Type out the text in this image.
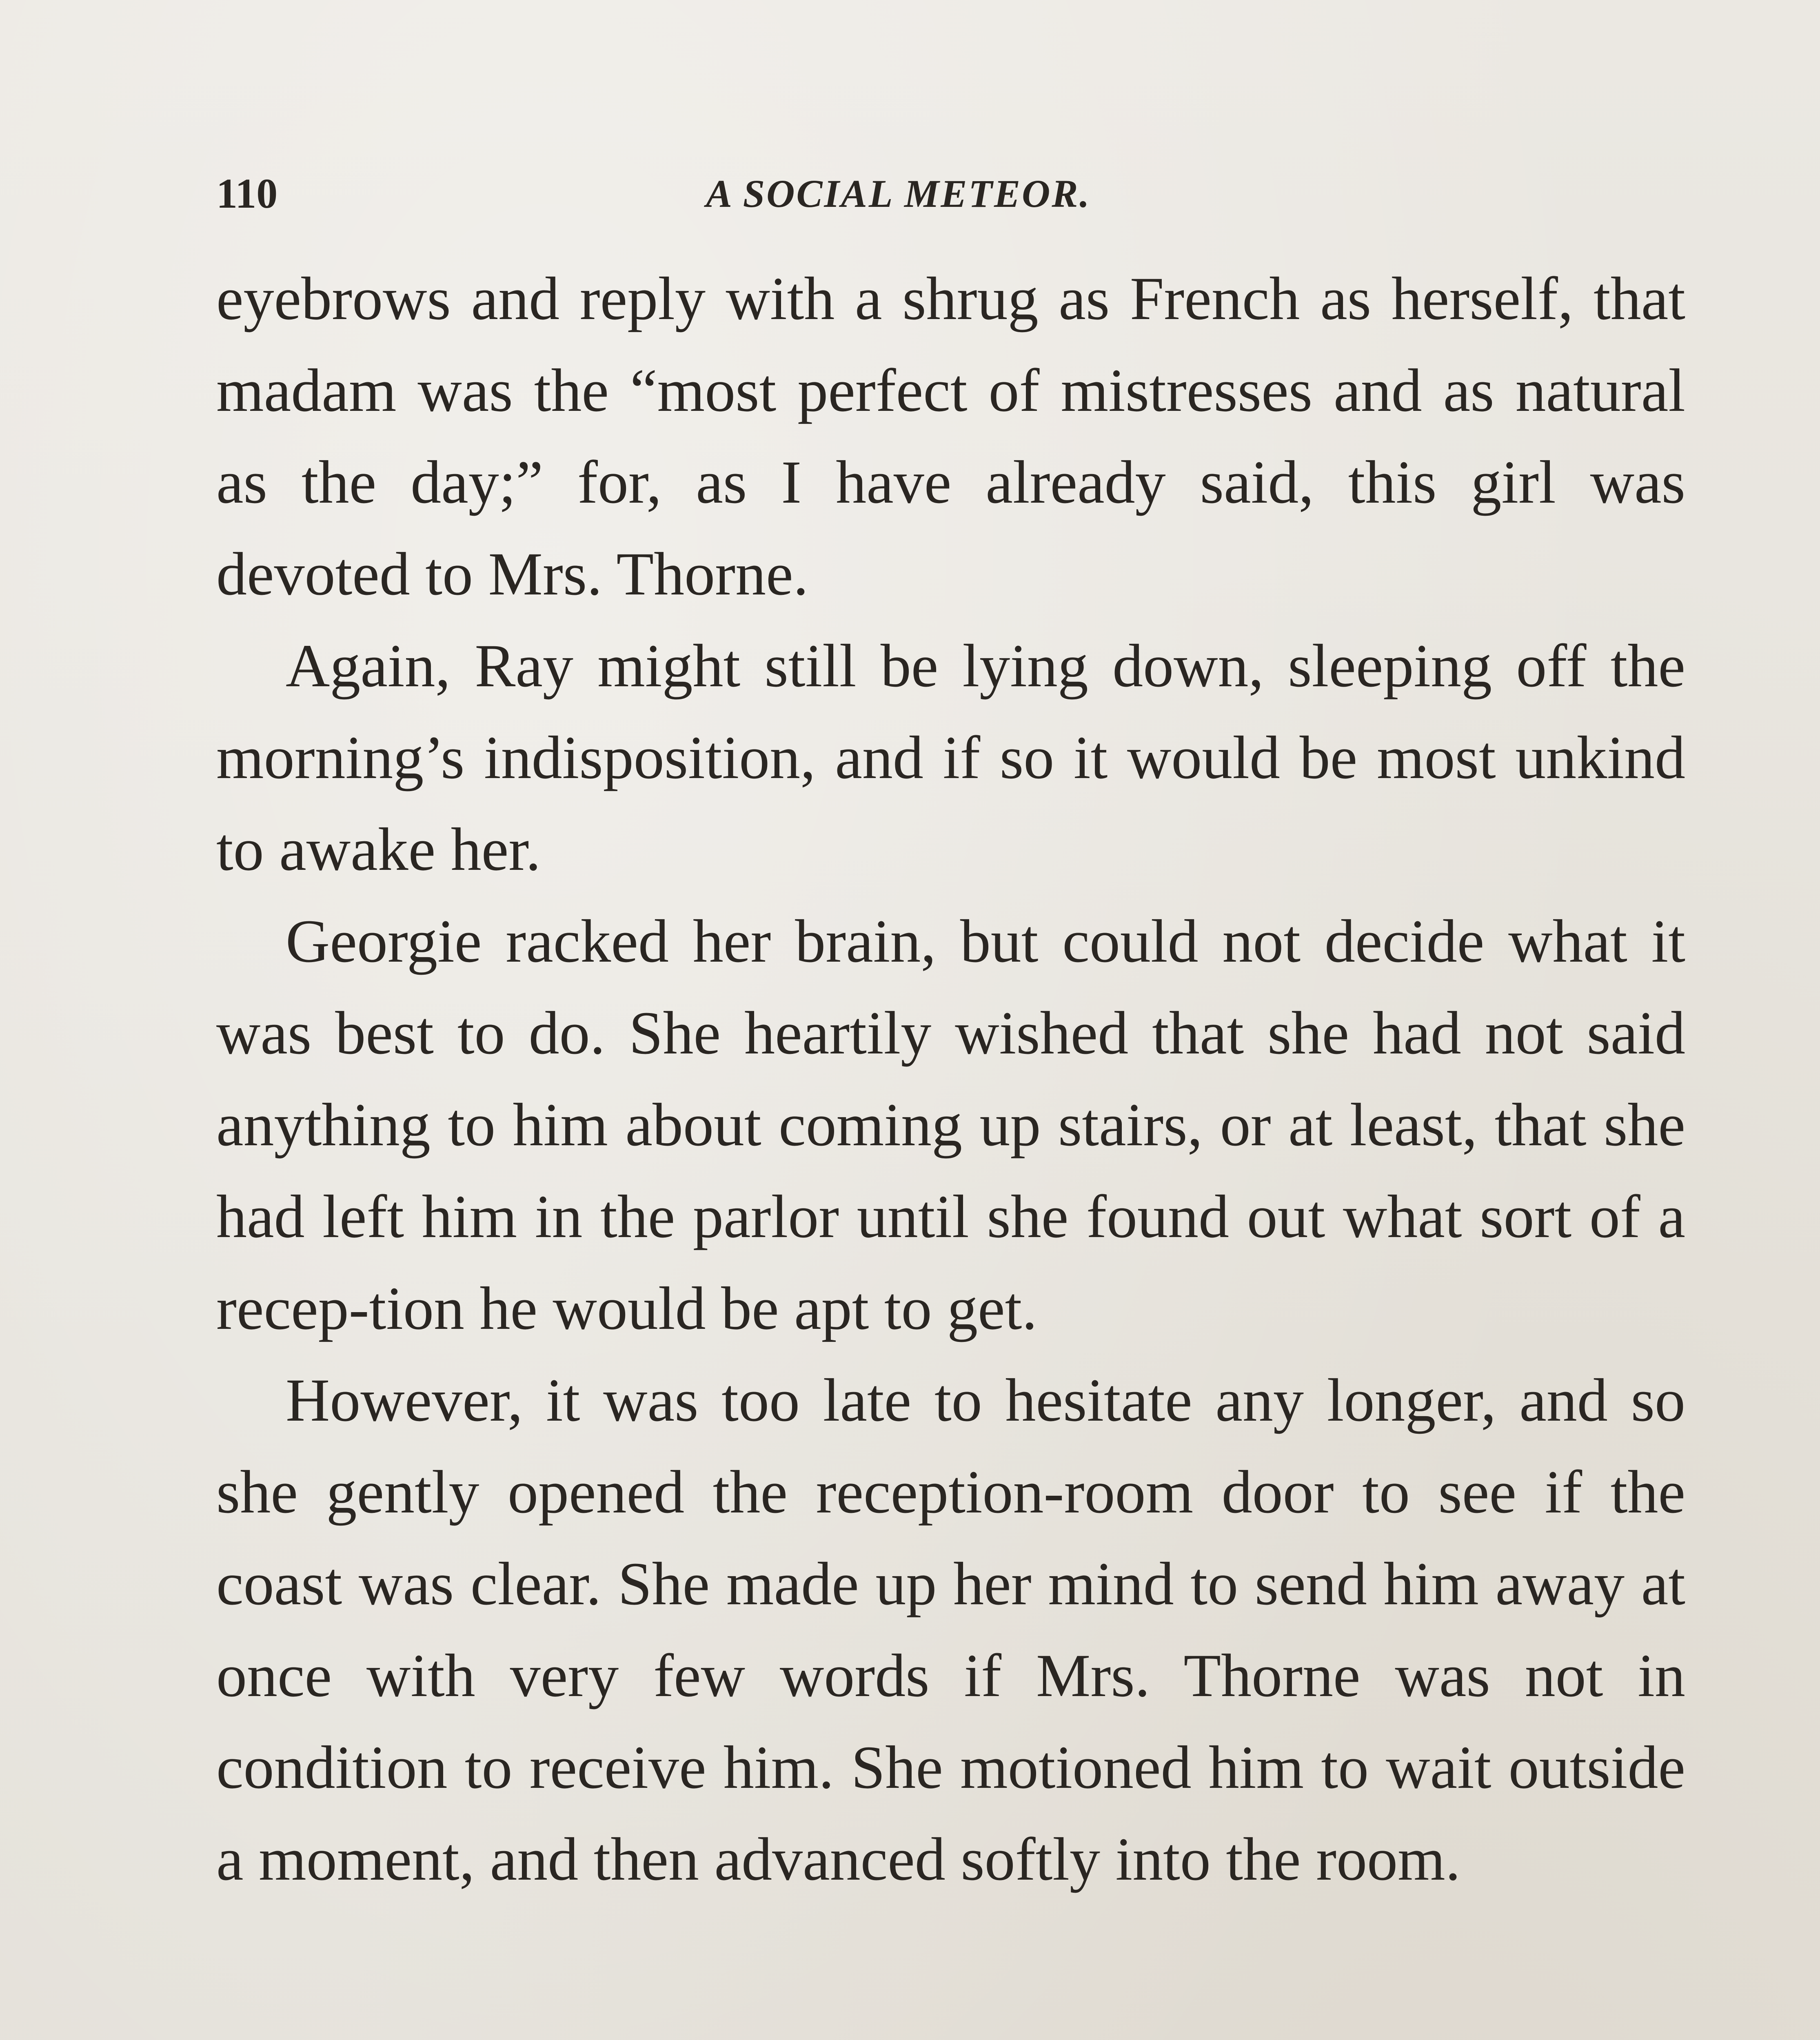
110	A SOCIAL METEOR.

eyebrows and reply with a shrug as French as herself, that madam was the “most perfect of mistresses and as natural as the day;” for, as I have already said, this girl was devoted to Mrs. Thorne.

Again, Ray might still be lying down, sleeping off the morning’s indisposition, and if so it would be most unkind to awake her.

Georgie racked her brain, but could not decide what it was best to do. She heartily wished that she had not said anything to him about coming up stairs, or at least, that she had left him in the parlor until she found out what sort of a recep-tion he would be apt to get.

However, it was too late to hesitate any longer, and so she gently opened the reception-room door to see if the coast was clear. She made up her mind to send him away at once with very few words if Mrs. Thorne was not in condition to receive him. She motioned him to wait outside a moment, and then advanced softly into the room.
